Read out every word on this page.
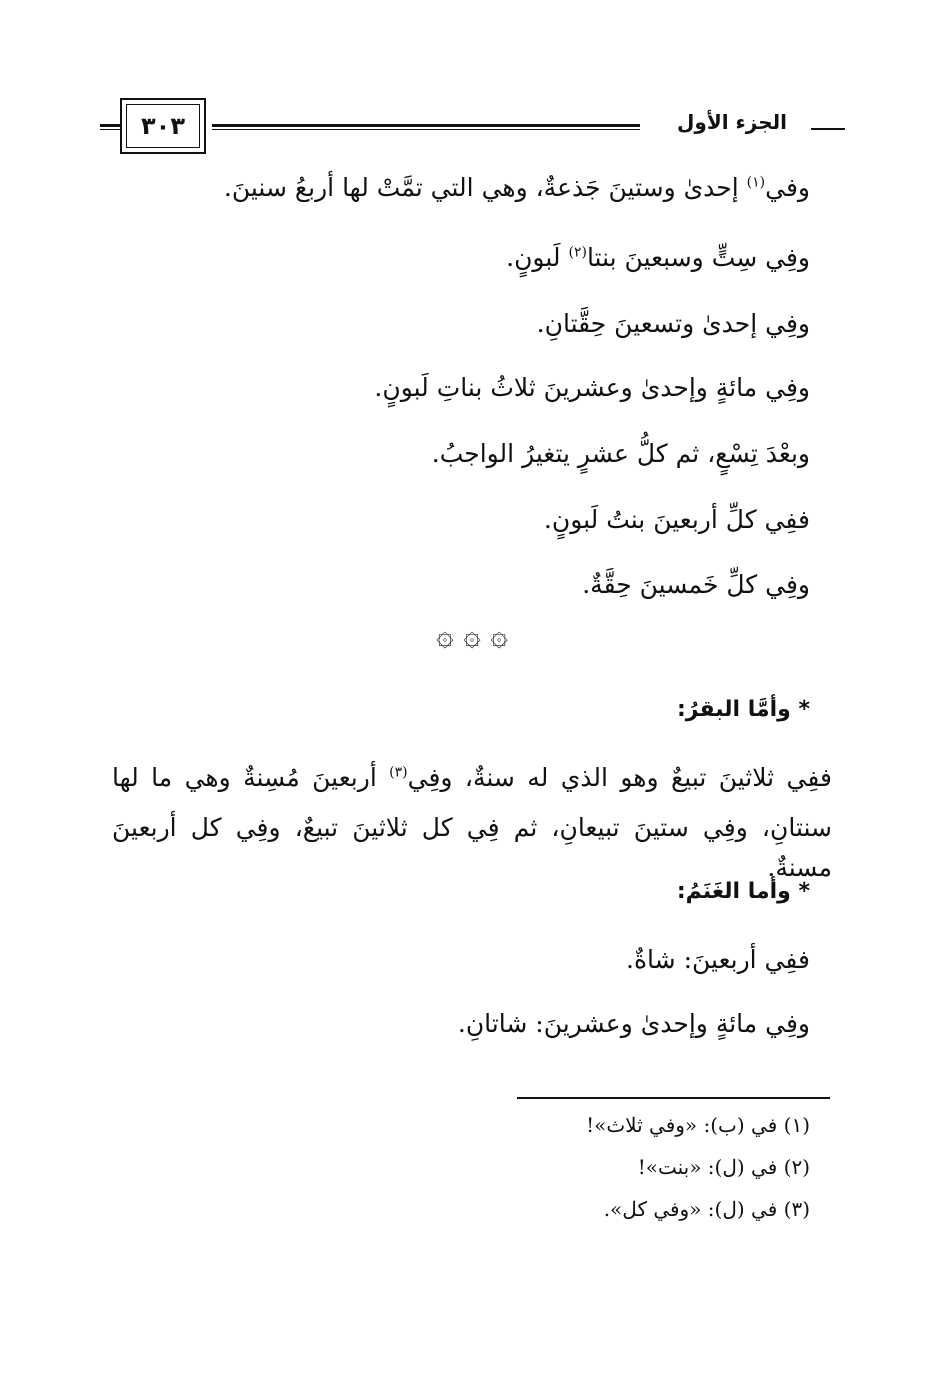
الجزء الأول
٣٠٣
وفي$^{(١)}$ إحدىٰ وستينَ جَذعةٌ، وهي التي تمَّتْ لها أربعُ سنينَ.
وفِي سِتٍّ وسبعينَ بنتا$^{(٢)}$ لَبونٍ.
وفِي إحدىٰ وتسعينَ حِقَّتانِ.
وفِي مائةٍ وإحدىٰ وعشرينَ ثلاثُ بناتِ لَبونٍ.
وبعْدَ تِسْعٍ، ثم كلُّ عشرٍ يتغيرُ الواجبُ.
ففِي كلِّ أربعينَ بنتُ لَبونٍ.
وفِي كلِّ خَمسينَ حِقَّةٌ.
۞ ۞ ۞
* وأمَّا البقرُ:
ففِي ثلاثينَ تبيعٌ وهو الذي له سنةٌ، وفِي$^{(٣)}$ أربعينَ مُسِنةٌ وهي ما لها
سنتانِ، وفِي ستينَ تبيعانِ، ثم فِي كل ثلاثينَ تبيعٌ، وفِي كل أربعينَ مسنةٌ.
* وأما الغَنَمُ:
ففِي أربعينَ: شاةٌ.
وفِي مائةٍ وإحدىٰ وعشرينَ: شاتانِ.
(١) في (ب): «وفي ثلاث»!
(٢) في (ل): «بنت»!
(٣) في (ل): «وفي كل».
